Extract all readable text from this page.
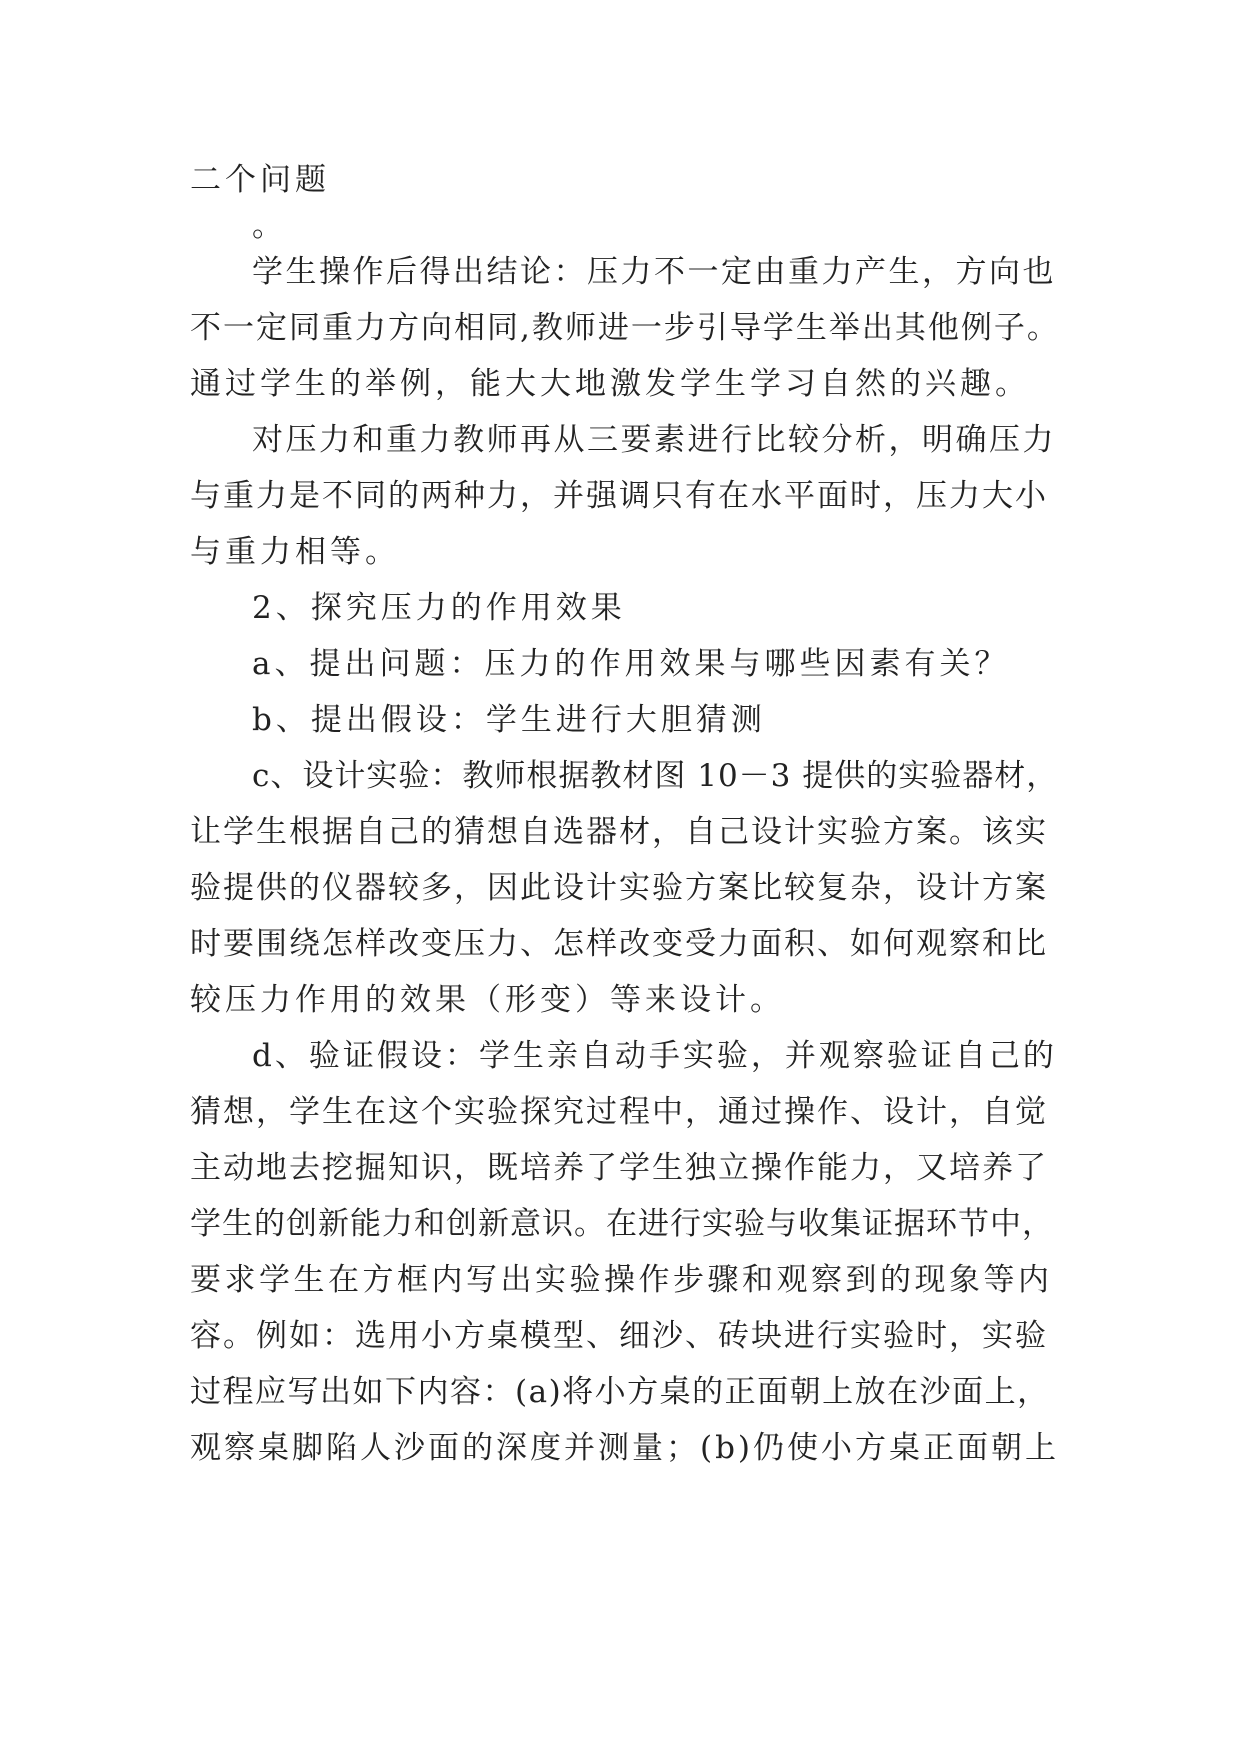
二个问题
。
学生操作后得出结论：压力不一定由重力产生，方向也
不一定同重力方向相同,教师进一步引导学生举出其他例子。
通过学生的举例，能大大地激发学生学习自然的兴趣。
对压力和重力教师再从三要素进行比较分析，明确压力
与重力是不同的两种力，并强调只有在水平面时，压力大小
与重力相等。
2、探究压力的作用效果
a、提出问题：压力的作用效果与哪些因素有关？
b、提出假设：学生进行大胆猜测
c、设计实验：教师根据教材图 10－3 提供的实验器材，
让学生根据自己的猜想自选器材，自己设计实验方案。该实
验提供的仪器较多，因此设计实验方案比较复杂，设计方案
时要围绕怎样改变压力、怎样改变受力面积、如何观察和比
较压力作用的效果（形变）等来设计。
d、验证假设：学生亲自动手实验，并观察验证自己的
猜想，学生在这个实验探究过程中，通过操作、设计，自觉
主动地去挖掘知识，既培养了学生独立操作能力，又培养了
学生的创新能力和创新意识。在进行实验与收集证据环节中，
要求学生在方框内写出实验操作步骤和观察到的现象等内
容。例如：选用小方桌模型、细沙、砖块进行实验时，实验
过程应写出如下内容：(a)将小方桌的正面朝上放在沙面上，
观察桌脚陷人沙面的深度并测量；(b)仍使小方桌正面朝上
